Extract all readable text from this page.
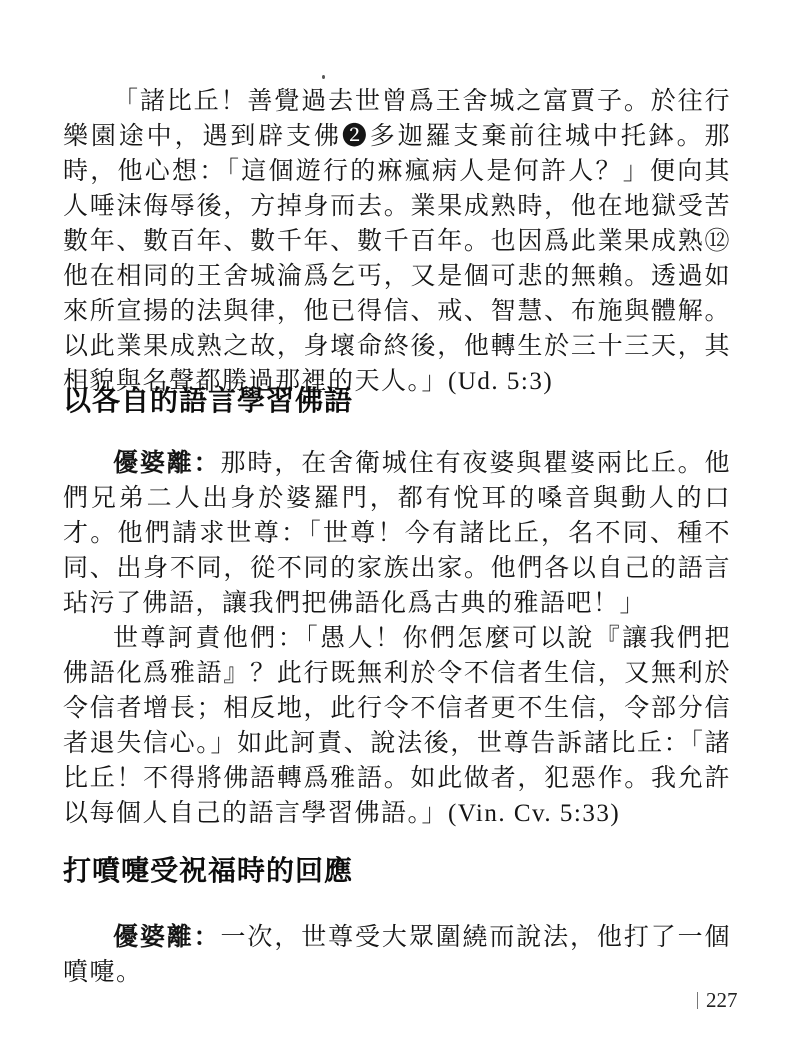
「諸比丘！善覺過去世曾爲王舍城之富賈子。於往行樂園途中，遇到辟支佛❷多迦羅支棄前往城中托鉢。那時，他心想：「這個遊行的痳瘋病人是何許人？」便向其人唾沫侮辱後，方掉身而去。業果成熟時，他在地獄受苦數年、數百年、數千年、數千百年。也因爲此業果成熟⑫他在相同的王舍城淪爲乞丐，又是個可悲的無賴。透過如來所宣揚的法與律，他已得信、戒、智慧、布施與體解。以此業果成熟之故，身壞命終後，他轉生於三十三天，其相貌與名聲都勝過那裡的天人。」(Ud. 5:3)

以各自的語言學習佛語

優婆離：那時，在舍衛城住有夜婆與瞿婆兩比丘。他們兄弟二人出身於婆羅門，都有悅耳的嗓音與動人的口才。他們請求世尊：「世尊！今有諸比丘，名不同、種不同、出身不同，從不同的家族出家。他們各以自己的語言玷污了佛語，讓我們把佛語化爲古典的雅語吧！」

世尊訶責他們：「愚人！你們怎麼可以說『讓我們把佛語化爲雅語』？此行既無利於令不信者生信，又無利於令信者增長；相反地，此行令不信者更不生信，令部分信者退失信心。」如此訶責、說法後，世尊告訴諸比丘：「諸比丘！不得將佛語轉爲雅語。如此做者，犯惡作。我允許以每個人自己的語言學習佛語。」(Vin. Cv. 5:33)

打噴嚏受祝福時的回應

優婆離：一次，世尊受大眾圍繞而說法，他打了一個噴嚏。

227
